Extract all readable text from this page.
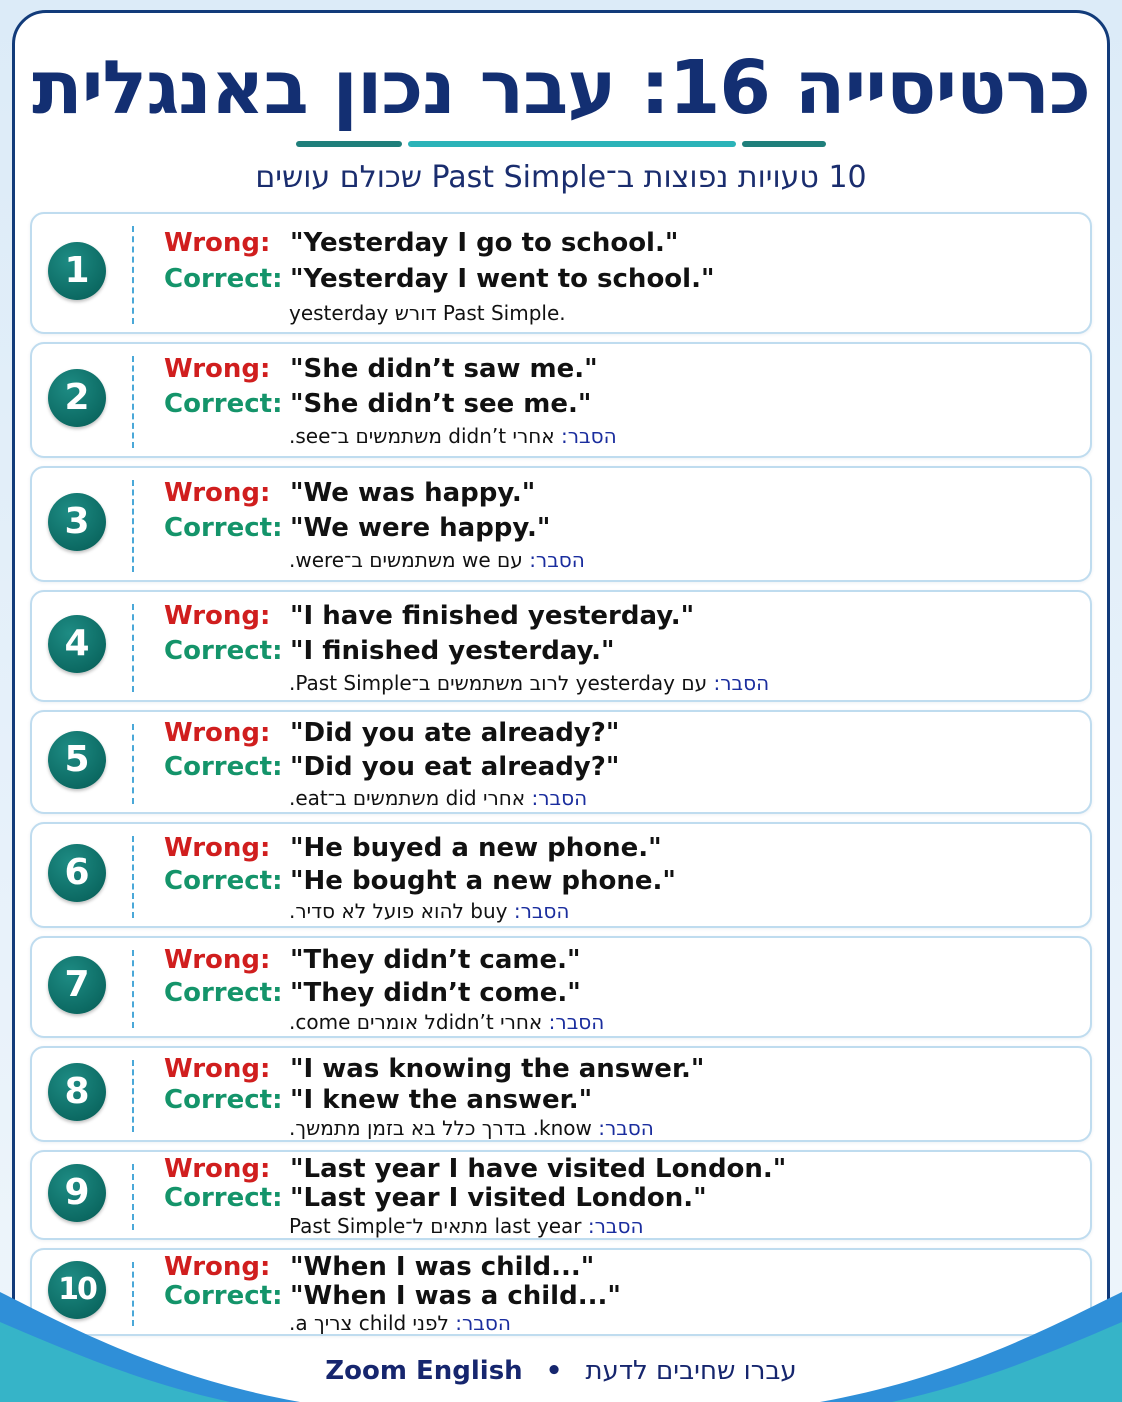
כרטיסייה 16: עבר נכון באנגלית
10 טעויות נפוצות ב־Past Simple שכולם עושים
1
Wrong: "Yesterday I go to school."
Correct: "Yesterday I went to school."
yesterday דורש Past Simple.
2
Wrong: "She didn’t saw me."
Correct: "She didn’t see me."
הסבר: אחרי didn’t משתמשים ב־see.
3
Wrong: "We was happy."
Correct: "We were happy."
הסבר: עם we משתמשים ב־were.
4
Wrong: "I have finished yesterday."
Correct: "I finished yesterday."
הסבר: עם yesterday לרוב משתמשים ב־Past Simple.
5
Wrong: "Did you ate already?"
Correct: "Did you eat already?"
הסבר: אחרי did משתמשים ב־eat.
6
Wrong: "He buyed a new phone."
Correct: "He bought a new phone."
הסבר: buy להוא פועל לא סדיר.
7
Wrong: "They didn’t came."
Correct: "They didn’t come."
הסבר: אחרי didn’tל אומרים come.
8
Wrong: "I was knowing the answer."
Correct: "I knew the answer."
הסבר: know. בדרך כלל בא בזמן מתמשך.
9
Wrong: "Last year I have visited London."
Correct: "Last year I visited London."
הסבר: last year מתאים ל־Past Simple
10
Wrong: "When I was child..."
Correct: "When I was a child..."
הסבר: לפני child צריך a.
Zoom English • עברו שחיבים לדעת
